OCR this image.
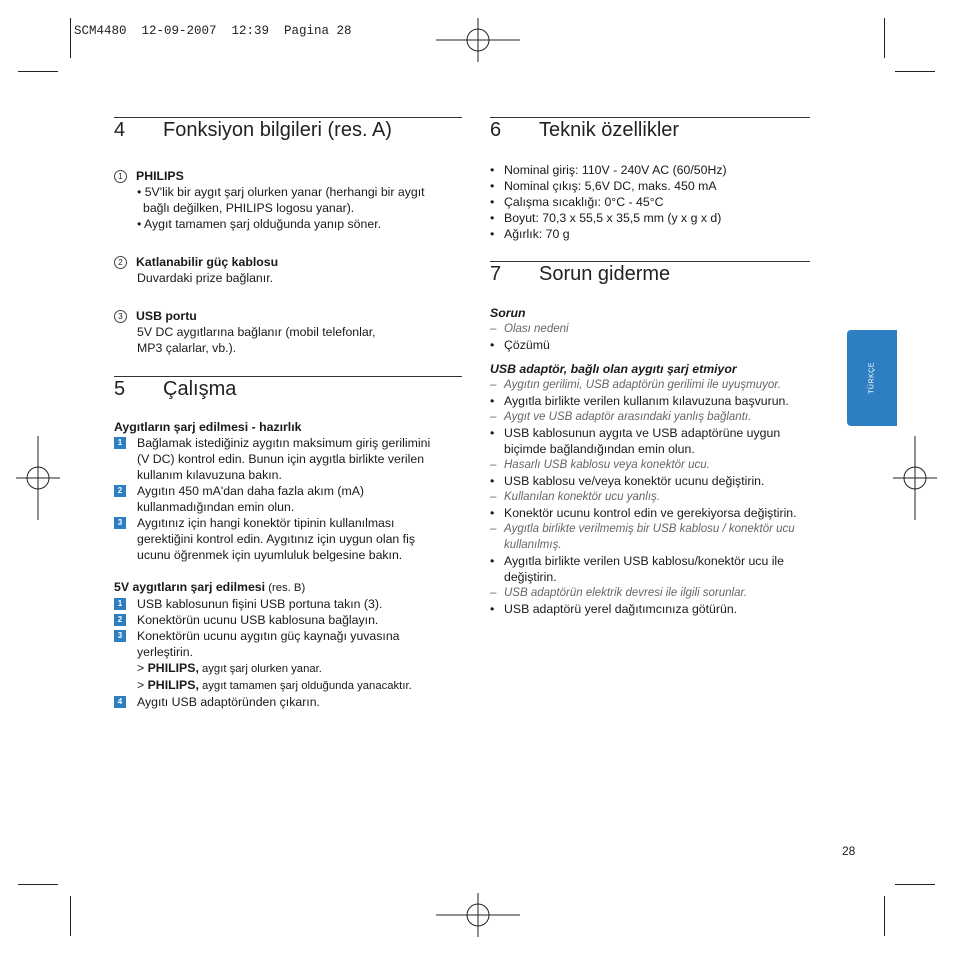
SCM4480  12-09-2007  12:39  Pagina 28
4 Fonksiyon bilgileri (res. A)
1 PHILIPS
• 5V'lik bir aygıt şarj olurken yanar (herhangi bir aygıt
bağlı değilken, PHILIPS logosu yanar).
• Aygıt tamamen şarj olduğunda yanıp söner.
2 Katlanabilir güç kablosu
Duvardaki prize bağlanır.
3 USB portu
5V DC aygıtlarına bağlanır (mobil telefonlar,
MP3 çalarlar, vb.).
5 Çalışma
Aygıtların şarj edilmesi - hazırlık
1	Bağlamak istediğiniz aygıtın maksimum giriş gerilimini
(V DC) kontrol edin. Bunun için aygıtla birlikte verilen
kullanım kılavuzuna bakın.
2	Aygıtın 450 mA'dan daha fazla akım (mA)
kullanmadığından emin olun.
3	Aygıtınız için hangi konektör tipinin kullanılması
gerektiğini kontrol edin. Aygıtınız için uygun olan fiş
ucunu öğrenmek için uyumluluk belgesine bakın.
5V aygıtların şarj edilmesi (res. B)
1	USB kablosunun fişini USB portuna takın (3).
2	Konektörün ucunu USB kablosuna bağlayın.
3	Konektörün ucunu aygıtın güç kaynağı yuvasına
yerleştirin.
> PHILIPS, aygıt şarj olurken yanar.
> PHILIPS, aygıt tamamen şarj olduğunda yanacaktır.
4	Aygıtı USB adaptöründen çıkarın.
6 Teknik özellikler
• Nominal giriş: 110V - 240V AC (60/50Hz)
• Nominal çıkış: 5,6V DC, maks. 450 mA
• Çalışma sıcaklığı: 0°C - 45°C
• Boyut: 70,3 x 55,5 x 35,5 mm (y x g x d)
• Ağırlık: 70 g
7 Sorun giderme
Sorun
– Olası nedeni
• Çözümü
USB adaptör, bağlı olan aygıtı şarj etmiyor
– Aygıtın gerilimi, USB adaptörün gerilimi ile uyuşmuyor.
• Aygıtla birlikte verilen kullanım kılavuzuna başvurun.
– Aygıt ve USB adaptör arasındaki yanlış bağlantı.
• USB kablosunun aygıta ve USB adaptörüne uygun
biçimde bağlandığından emin olun.
– Hasarlı USB kablosu veya konektör ucu.
• USB kablosu ve/veya konektör ucunu değiştirin.
– Kullanılan konektör ucu yanlış.
• Konektör ucunu kontrol edin ve gerekiyorsa değiştirin.
– Aygıtla birlikte verilmemiş bir USB kablosu / konektör ucu
kullanılmış.
• Aygıtla birlikte verilen USB kablosu/konektör ucu ile
değiştirin.
– USB adaptörün elektrik devresi ile ilgili sorunlar.
• USB adaptörü yerel dağıtımcınıza götürün.
TÜRKÇE
28
